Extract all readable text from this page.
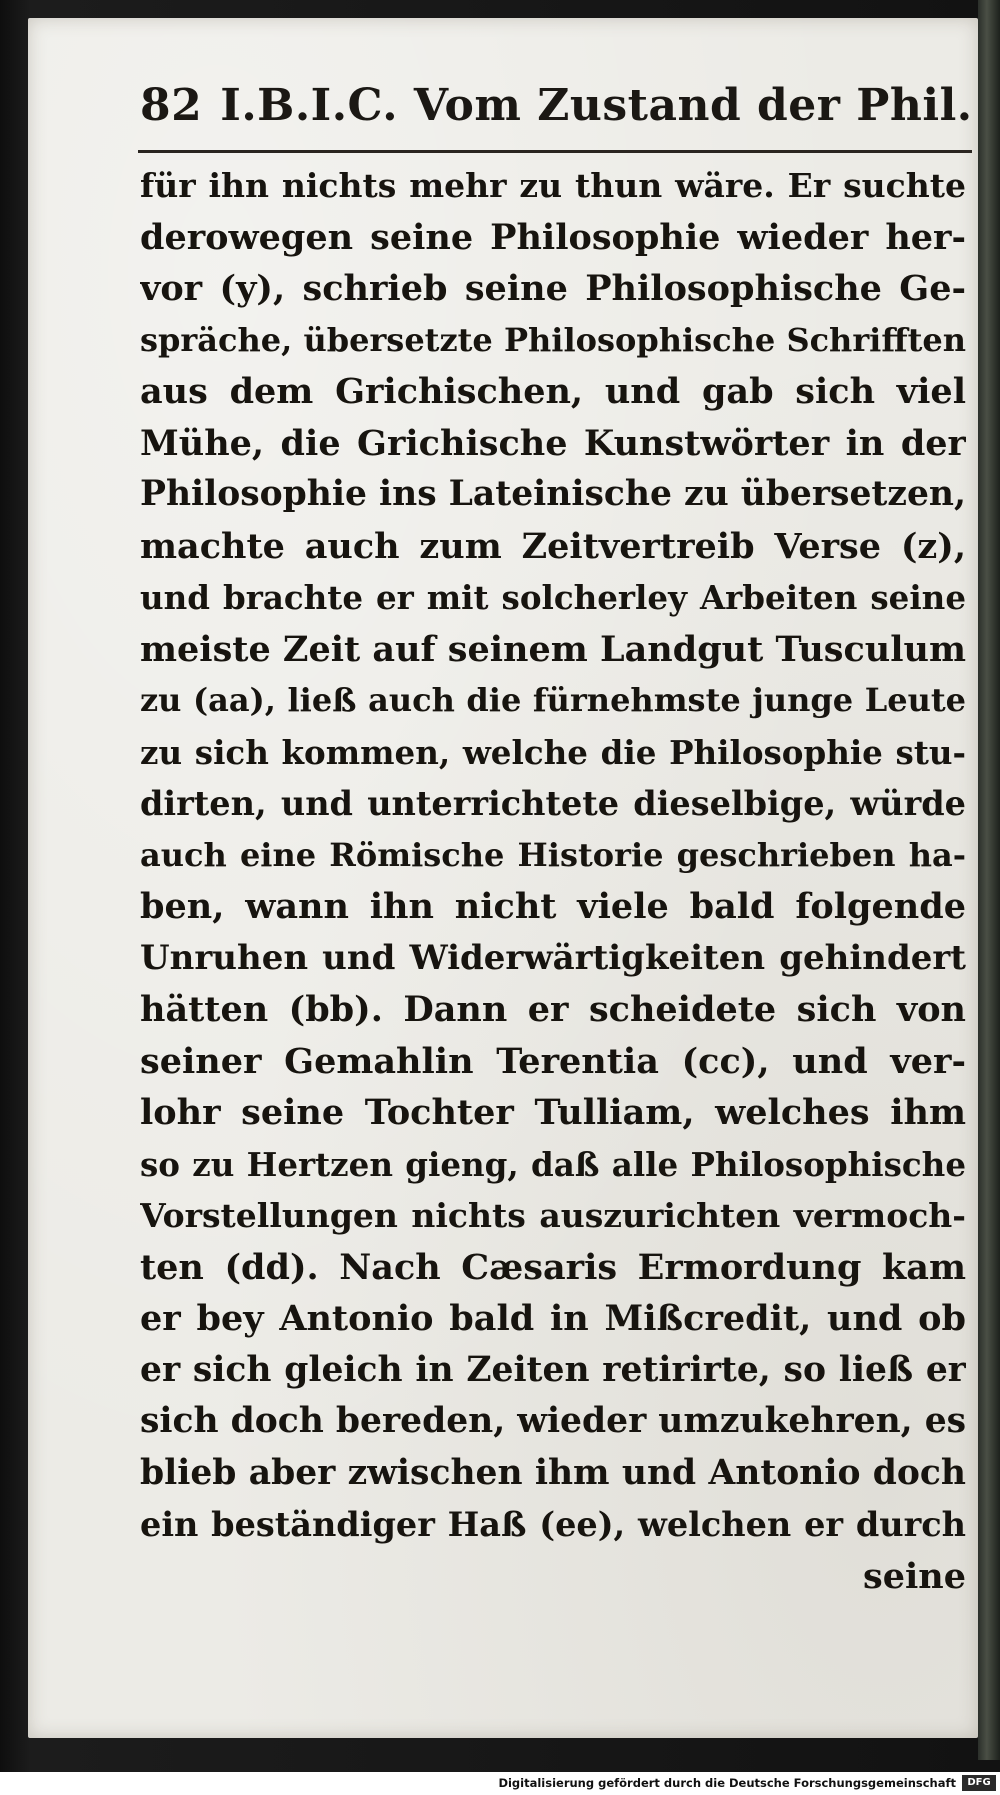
82 I.B.I.C. Vom Zustand der Phil.
für ihn nichts mehr zu thun wäre. Er suchte
derowegen seine Philosophie wieder her-
vor (y), schrieb seine Philosophische Ge-
spräche, übersetzte Philosophische Schrifften
aus dem Grichischen, und gab sich viel
Mühe, die Grichische Kunstwörter in der
Philosophie ins Lateinische zu übersetzen,
machte auch zum Zeitvertreib Verse (z),
und brachte er mit solcherley Arbeiten seine
meiste Zeit auf seinem Landgut Tusculum
zu (aa), ließ auch die fürnehmste junge Leute
zu sich kommen, welche die Philosophie stu-
dirten, und unterrichtete dieselbige, würde
auch eine Römische Historie geschrieben ha-
ben, wann ihn nicht viele bald folgende
Unruhen und Widerwärtigkeiten gehindert
hätten (bb). Dann er scheidete sich von
seiner Gemahlin Terentia (cc), und ver-
lohr seine Tochter Tulliam, welches ihm
so zu Hertzen gieng, daß alle Philosophische
Vorstellungen nichts auszurichten vermoch-
ten (dd). Nach Cæsaris Ermordung kam
er bey Antonio bald in Mißcredit, und ob
er sich gleich in Zeiten retirirte, so ließ er
sich doch bereden, wieder umzukehren, es
blieb aber zwischen ihm und Antonio doch
ein beständiger Haß (ee), welchen er durch
seine
Digitalisierung gefördert durch die Deutsche Forschungsgemeinschaft	DFG
